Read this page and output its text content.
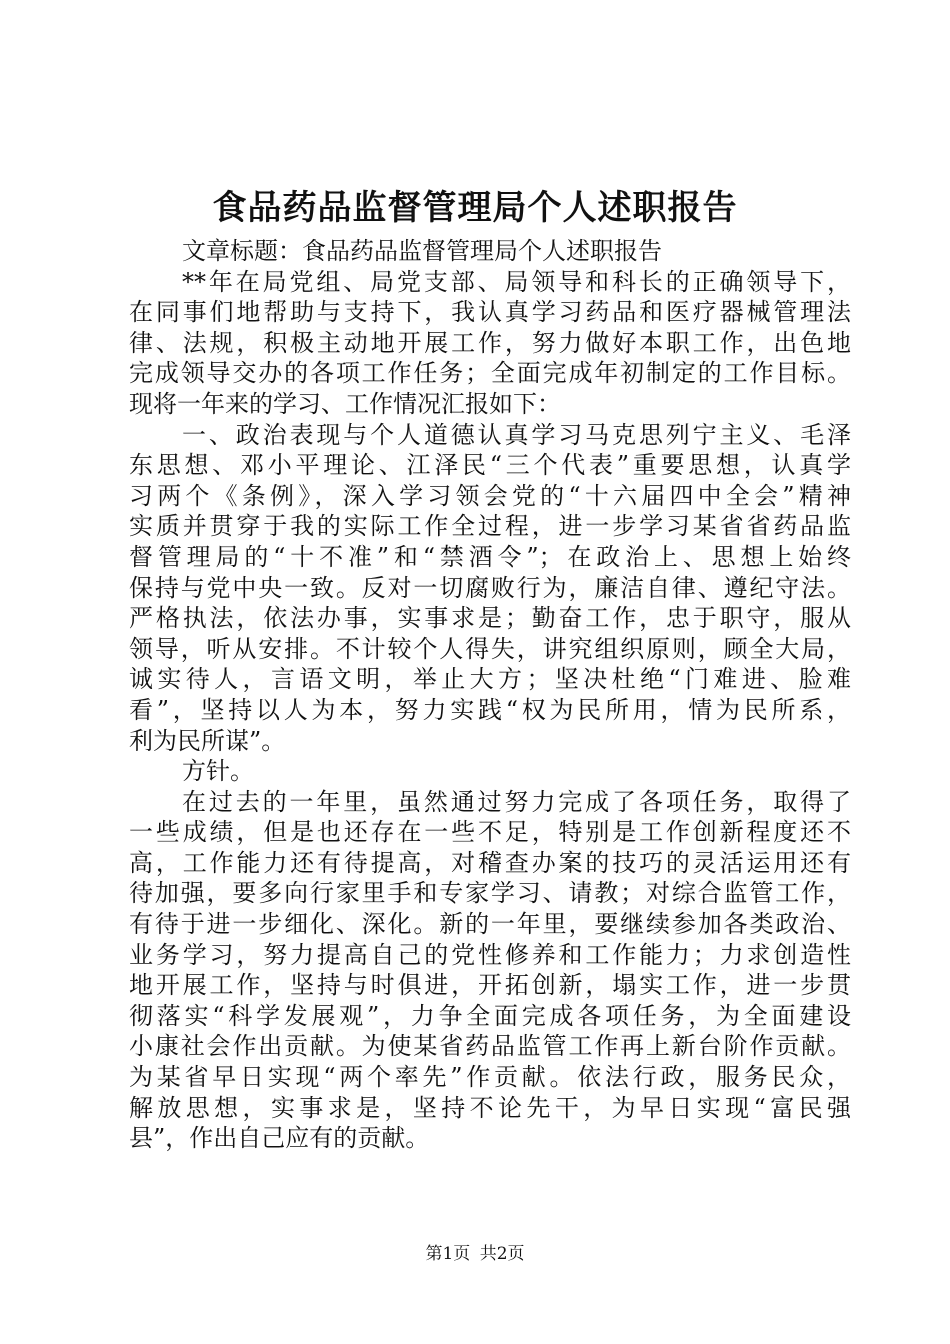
食品药品监督管理局个人述职报告
文章标题：食品药品监督管理局个人述职报告
**年在局党组、局党支部、局领导和科长的正确领导下，
在同事们地帮助与支持下，我认真学习药品和医疗器械管理法
律、法规，积极主动地开展工作，努力做好本职工作，出色地
完成领导交办的各项工作任务；全面完成年初制定的工作目标。
现将一年来的学习、工作情况汇报如下：
一、政治表现与个人道德认真学习马克思列宁主义、毛泽
东思想、邓小平理论、江泽民“三个代表”重要思想，认真学
习两个《条例》，深入学习领会党的“十六届四中全会”精神
实质并贯穿于我的实际工作全过程，进一步学习某省省药品监
督管理局的“十不准”和“禁酒令”；在政治上、思想上始终
保持与党中央一致。反对一切腐败行为，廉洁自律、遵纪守法。
严格执法，依法办事，实事求是；勤奋工作，忠于职守，服从
领导，听从安排。不计较个人得失，讲究组织原则，顾全大局，
诚实待人，言语文明，举止大方；坚决杜绝“门难进、脸难
看”，坚持以人为本，努力实践“权为民所用，情为民所系，
利为民所谋”。
方针。
在过去的一年里，虽然通过努力完成了各项任务，取得了
一些成绩，但是也还存在一些不足，特别是工作创新程度还不
高，工作能力还有待提高，对稽查办案的技巧的灵活运用还有
待加强，要多向行家里手和专家学习、请教；对综合监管工作，
有待于进一步细化、深化。新的一年里，要继续参加各类政治、
业务学习，努力提高自己的党性修养和工作能力；力求创造性
地开展工作，坚持与时俱进，开拓创新，塌实工作，进一步贯
彻落实“科学发展观”，力争全面完成各项任务，为全面建设
小康社会作出贡献。为使某省药品监管工作再上新台阶作贡献。
为某省早日实现“两个率先”作贡献。依法行政，服务民众，
解放思想，实事求是，坚持不论先干，为早日实现“富民强
县”，作出自己应有的贡献。
第1页 共2页
